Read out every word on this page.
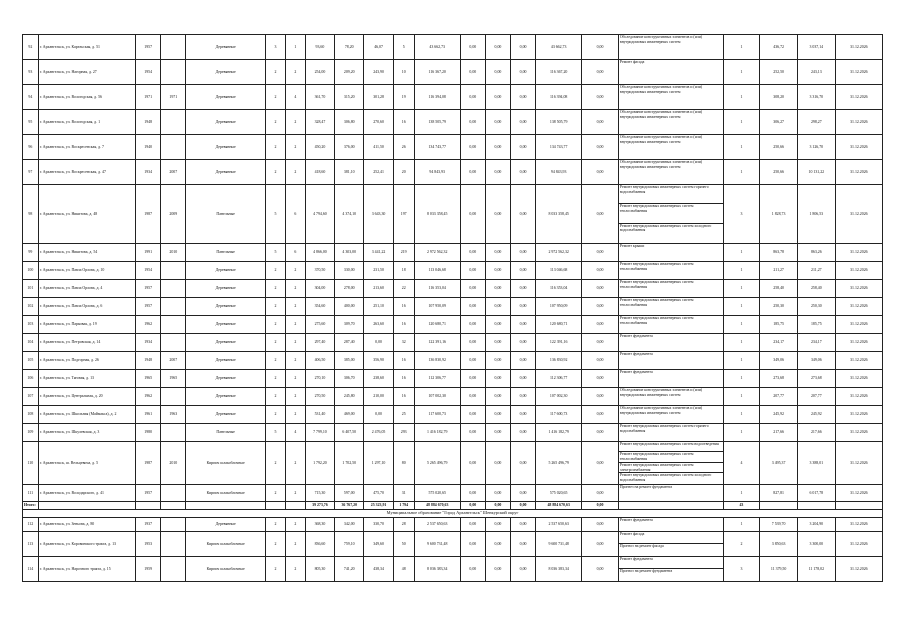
92	г. Архангельск, ул. Карельская, д. 51	1957		Деревянные	3	1	93,60	78,20	46,07	5	43 662,73	0,00	0,00	0,00	43 662,73	0,00	Обследование конструктивных элементов и (или) внутридомовых инженерных систем	1	436,72	3 037,14	31.12.2026
93	г. Архангельск, ул. Нагорная, д. 27	1954		Деревянные	2	2	254,00	209,20	243,90	10	116 367,20	0,00	0,00	0,00	116 367,20	0,00	Ремонт фасада	1	252,50	243,13	31.12.2026
94	г. Архангельск, ул. Вологодская, д. 56	1971	1971	Деревянные	2	4	361,70	315,20	301,28	19	116 394,08	0,00	0,00	0,00	116 394,08	0,00	Обследование конструктивных элементов и (или) внутридомовых инженерных систем	1	308,20	3 316,70	31.12.2026
95	г. Архангельск, ул. Вологодская, д. 1	1948		Деревянные	2	2	328,47	306,80	270,60	16	138 505,79	0,00	0,00	0,00	138 505,79	0,00	Обследование конструктивных элементов и (или) внутридомовых инженерных систем	1	306,27	298,27	31.12.2026
96	г. Архангельск, ул. Воскресенская, д. 7	1940		Деревянные	2	2	450,20	376,00	411,50	26	134 743,77	0,00	0,00	0,00	134 743,77	0,00	Обследование конструктивных элементов и (или) внутридомовых инженерных систем	1	250,66	3 126,70	31.12.2026
97	г. Архангельск, ул. Воскресенская, д. 47	1934	2007	Деревянные	2	2	418,60	381,10	252,41	20	94 843,93	0,00	0,00	0,00	94 843,93	0,00	Обследование конструктивных элементов и (или) внутридомовых инженерных систем	1	250,66	10 131,22	31.12.2026
98	г. Архангельск, ул. Никитова, д. 48	1987	2009	Панельные	5	6	4 794,60	4 374,10	3 643,30	197	8 033 358,45	0,00	0,00	0,00	8 033 358,45	0,00	Ремонт внутридомовых инженерных систем горячего водоснабжения
Ремонт внутридомовых инженерных систем теплоснабжения
Ремонт внутридомовых инженерных систем холодного водоснабжения	3	1 828,73	1 806,53	31.12.2026
99	г. Архангельск, ул. Никитова, д. 54	1991	2010	Панельные	5	6	4 866,00	4 303,00	3 441,22	219	2 972 562,32	0,00	0,00	0,00	2 972 562,32	0,00	Ремонт крыши	1	863,78	863,26	31.12.2026
100	г. Архангельск, ул. Павла Орлова, д. 10	1954		Деревянные	2	2	370,50	330,00	231,50	18	113 046,68	0,00	0,00	0,00	113 046,68	0,00	Ремонт внутридомовых инженерных систем теплоснабжения	1	211,27	211,27	31.12.2026
101	г. Архангельск, ул. Павла Орлова, д. 4	1957		Деревянные	2	2	304,00	278,00	213,60	22	116 353,04	0,00	0,00	0,00	116 353,04	0,00	Ремонт внутридомовых инженерных систем теплоснабжения	1	258,40	258,40	31.12.2026
102	г. Архангельск, ул. Павла Орлова, д. 6	1957		Деревянные	2	2	354,60	400,00	251,10	16	107 950,09	0,00	0,00	0,00	107 950,09	0,00	Ремонт внутридомовых инженерных систем теплоснабжения	1	250,30	250,30	31.12.2026
103	г. Архангельск, ул. Парковая, д. 19	1962		Деревянные	2	2	275,60	309,70	263,60	16	120 680,71	0,00	0,00	0,00	120 680,71	0,00	Ремонт внутридомовых инженерных систем теплоснабжения	1	185,75	185,75	31.12.2026
104	г. Архангельск, ул. Петровская, д. 14	1934		Деревянные	2	2	297,40	287,40	0,00	32	122 391,16	0,00	0,00	0,00	122 391,16	0,00	Ремонт фундамента	1	234,17	234,17	31.12.2026
105	г. Архангельск, ул. Подгорная, д. 26	1948	2007	Деревянные	2	2	406,50	385,00	356,90	16	136 830,92	0,00	0,00	0,00	136 830,92	0,00	Ремонт фундамента	1	349,06	349,06	31.12.2026
106	г. Архангельск, ул. Тяговая, д. 13	1965	1965	Деревянные	2	2	270,10	306,70	238,60	16	112 306,77	0,00	0,00	0,00	112 306,77	0,00	Ремонт фундамента	1	273,68	273,68	31.12.2026
107	г. Архангельск, ул. Центральная, д. 20	1962		Деревянные	2	2	270,50	245,80	210,00	16	107 002,30	0,00	0,00	0,00	107 002,30	0,00	Обследование конструктивных элементов и (или) внутридомовых инженерных систем	1	207,77	207,77	31.12.2026
108	г. Архангельск, ул. Школьная (Маймакса), д. 2	1961	1963	Деревянные	2	2	531,40	469,00	0,00	25	117 600,73	0,00	0,00	0,00	117 600,73	0,00	Обследование конструктивных элементов и (или) внутридомовых инженерных систем	1	245,92	245,92	31.12.2026
109	г. Архангельск, ул. Шкулевская, д. 3	1980		Панельные	5	4	7 799,10	6 407,50	2 476,05	293	1 416 182,79	0,00	0,00	0,00	1 416 182,79	0,00	Ремонт внутридомовых инженерных систем горячего водоснабжения	1	217,66	217,66	31.12.2026
110	г. Архангельск, ш. Вельцевича, д. 5	1987	2010	Кирпич шлакоблочные	2	2	1 792,20	1 702,50	1 297,10	80	5 265 496,79	0,00	0,00	0,00	5 265 496,79	0,00	Ремонт внутридомовых инженерных систем водоотведения
Ремонт внутридомовых инженерных систем теплоснабжения
Ремонт внутридомовых инженерных систем электроснабжения
Ремонт внутридомовых инженерных систем холодного водоснабжения	4	3 495,37	3 388,01	31.12.2026
111	г. Архангельск, ул. Володарского, д. 41	1957		Кирпич шлакоблочные	2	2	715,30	597,00	475,70	31	575 020,65	0,00	0,00	0,00	575 020,65	0,00	Прогнез на ремонт фундамента	1	827,81	6 017,78	31.12.2026
Итого:							39 273,76	36 767,20	25 323,91	1 794	48 884 670,63	0,00	0,00	0,00	48 884 670,63	0,00		43			
Муниципальное образование "Город Архангельск" Шенкурский округ																					
112	г. Архангельск, ул. Зеньова, д. 80	1937		Деревянные	2	2	368,30	342,00	330,70	28	2 537 650,63	0,00	0,00	0,00	2 537 650,63	0,00	Ремонт фундамента	1	7 539,70	3 204,90	31.12.2026
113	г. Архангельск, ул. Коровинского тракта, д. 13	1953		Кирпич шлакоблочные	2	2	836,60	759,10	349,60	50	9 600 731,48	0,00	0,00	0,00	9 600 731,48	0,00	Ремонт фасада
Прогноз на ремонт фасада	2	3 850,63	3 300,00	31.12.2026
114	г. Архангельск, ул. Нарочного тракта, д. 15	1959		Кирпич шлакоблочные	2	2	805,30	741,20	438,34	48	8 036 383,34	0,00	0,00	0,00	8 036 383,34	0,00	Ремонт фундамента
Прогноз на ремонт фундамента	3	11 379,50	11 178,02	31.12.2026
